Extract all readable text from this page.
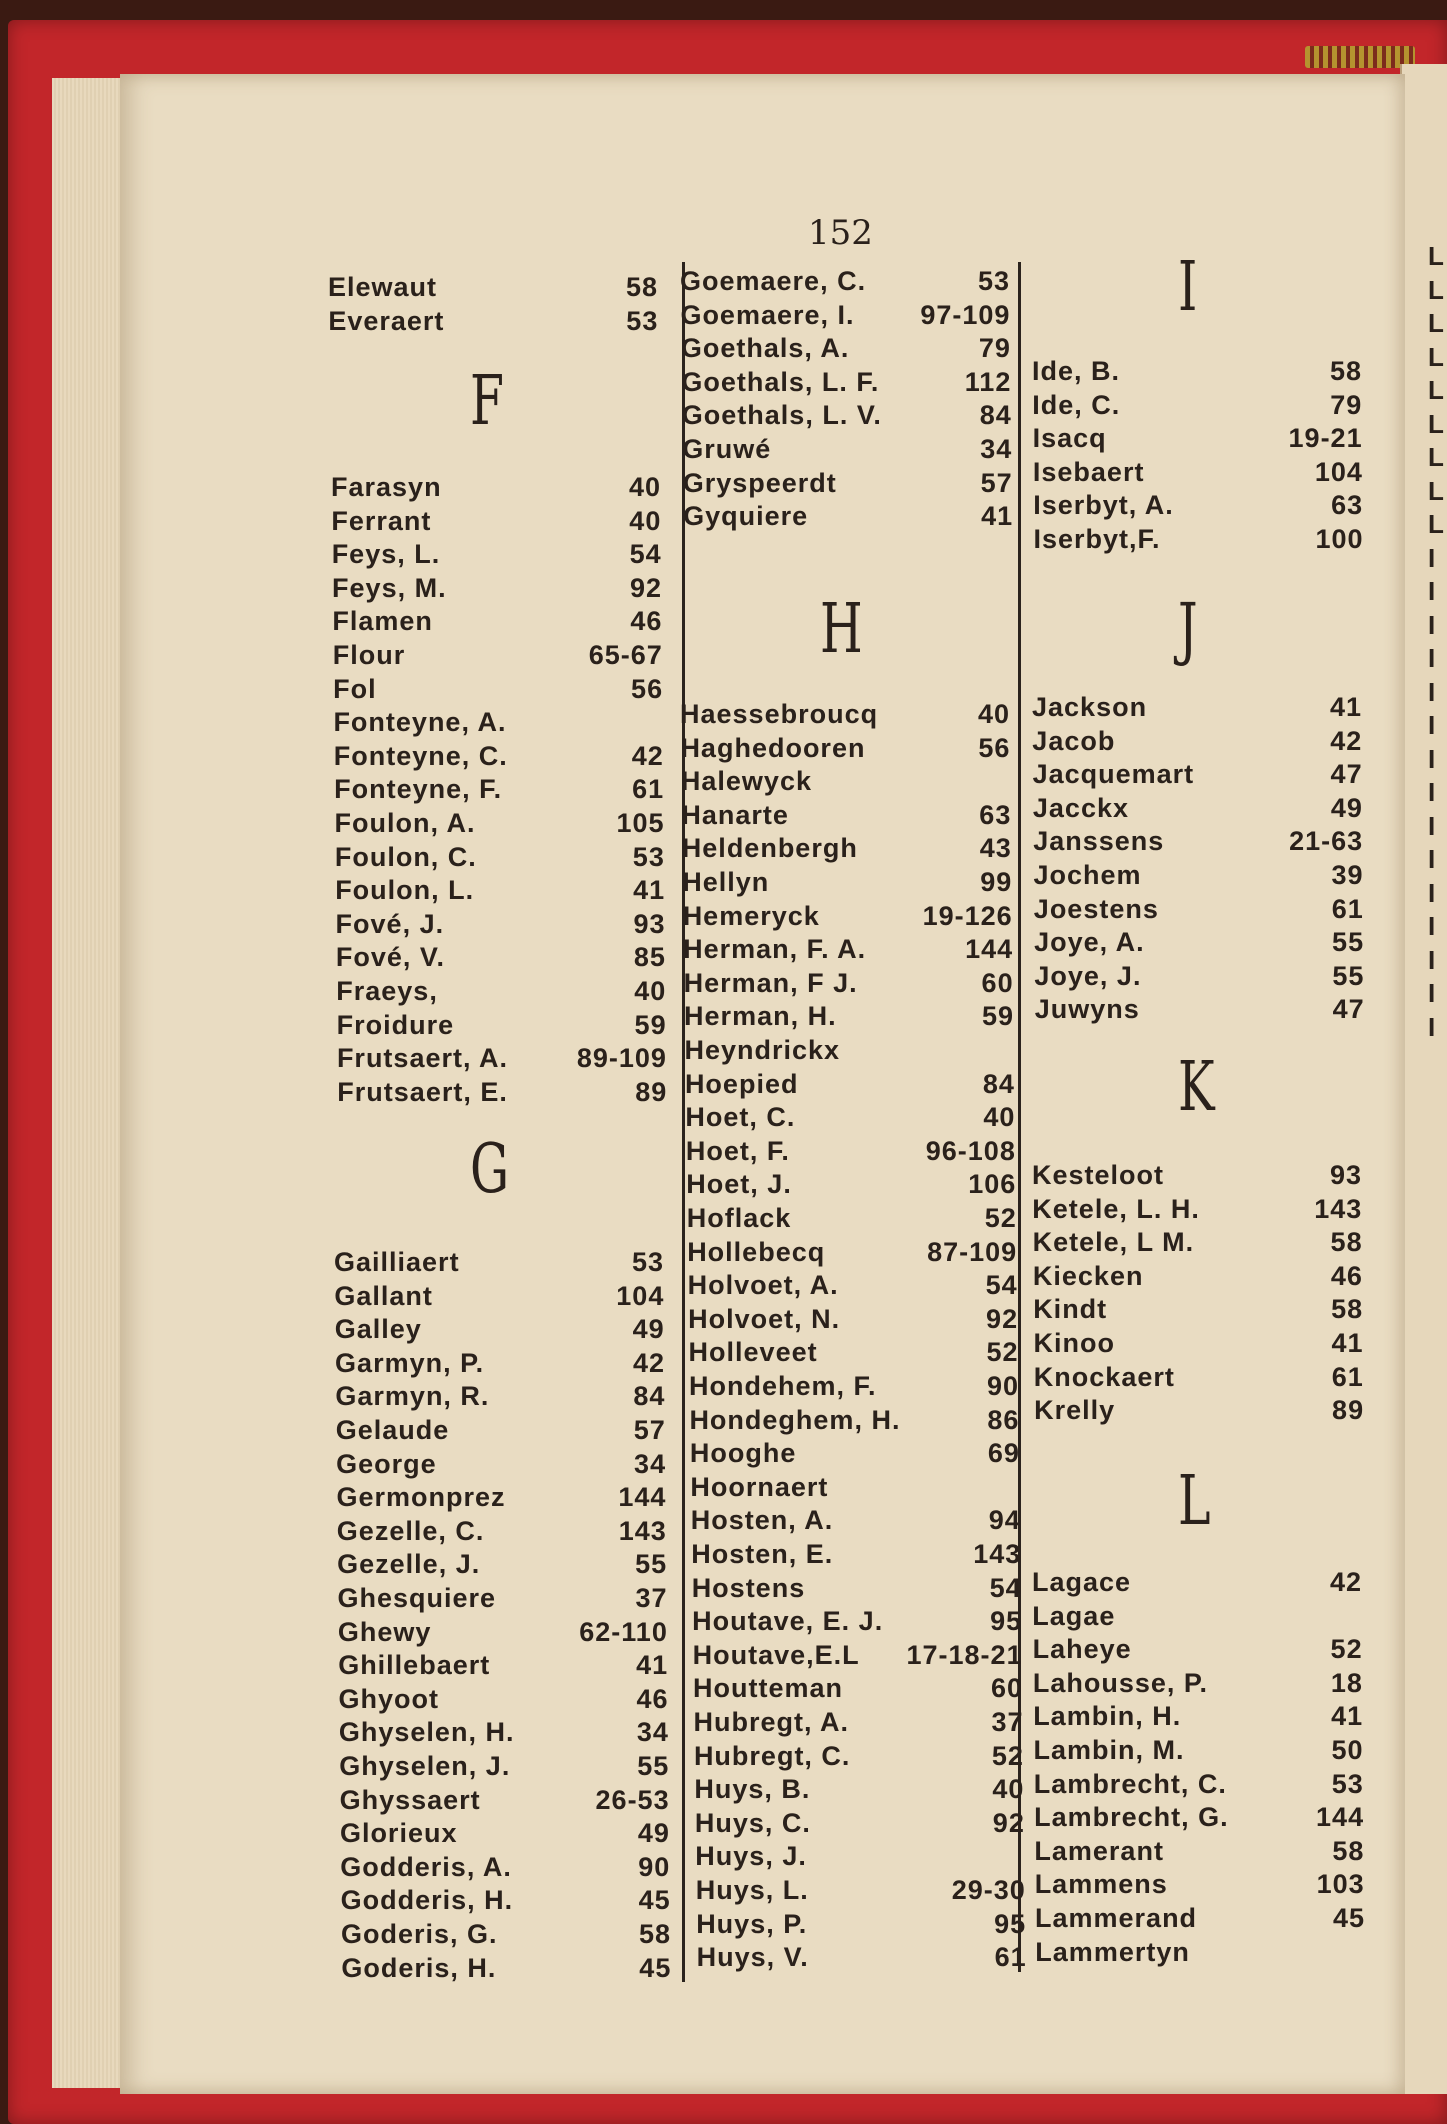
152
Elewaut	58
Everaert	53
F
Farasyn	40
Ferrant	40
Feys, L.	54
Feys, M.	92
Flamen	46
Flour	65-67
Fol	56
Fonteyne, A.
Fonteyne, C.	42
Fonteyne, F.	61
Foulon, A.	105
Foulon, C.	53
Foulon, L.	41
Fové, J.	93
Fové, V.	85
Fraeys,	40
Froidure	59
Frutsaert, A.	89-109
Frutsaert, E.	89
G
Gailliaert	53
Gallant	104
Galley	49
Garmyn, P.	42
Garmyn, R.	84
Gelaude	57
George	34
Germonprez	144
Gezelle, C.	143
Gezelle, J.	55
Ghesquiere	37
Ghewy	62-110
Ghillebaert	41
Ghyoot	46
Ghyselen, H.	34
Ghyselen, J.	55
Ghyssaert	26-53
Glorieux	49
Godderis, A.	90
Godderis, H.	45
Goderis, G.	58
Goderis, H.	45
Goemaere, C.	53
Goemaere, I. 97-109
Goethals, A.	79
Goethals, L. F.	112
Goethals, L. V.	84
Gruwé	34
Gryspeerdt	57
Gyquiere	41
H
Haessebroucq	40
Haghedooren	56
Halewyck
Hanarte	63
Heldenbergh	43
Hellyn	99
Hemeryck	19-126
Herman, F. A.	144
Herman, F J.	60
Herman, H.	59
Heyndrickx
Hoepied	84
Hoet, C.	40
Hoet, F.	96-108
Hoet, J.	106
Hoflack	52
Hollebecq	87-109
Holvoet, A.	54
Holvoet, N.	92
Holleveet	52
Hondehem, F.	90
Hondeghem, H.	86
Hooghe	69
Hoornaert
Hosten, A.	94
Hosten, E.	143
Hostens	54
Houtave, E. J.	95
Houtave,E.L 17-18-21
Houtteman	60
Hubregt, A.	37
Hubregt, C.	52
Huys, B.	40
Huys, C.	92
Huys, J.
Huys, L.	29-30
Huys, P.	95
Huys, V.	61
I
Ide, B.	58
Ide, C.	79
Isacq	19-21
Isebaert	104
Iserbyt, A.	63
Iserbyt,F.	100
J
Jackson	41
Jacob	42
Jacquemart	47
Jacckx	49
Janssens	21-63
Jochem	39
Joestens	61
Joye, A.	55
Joye, J.	55
Juwyns	47
K
Kesteloot	93
Ketele, L. H.	143
Ketele, L M.	58
Kiecken	46
Kindt	58
Kinoo	41
Knockaert	61
Krelly	89
L
Lagace	42
Lagae
Laheye	52
Lahousse, P.	18
Lambin, H.	41
Lambin, M.	50
Lambrecht, C.	53
Lambrecht, G.	144
Lamerant	58
Lammens	103
Lammerand	45
Lammertyn
L
L
L
L
L
L
L
L
L
I
I
I
I
I
I
I
I
I
I
I
I
I
I
I
